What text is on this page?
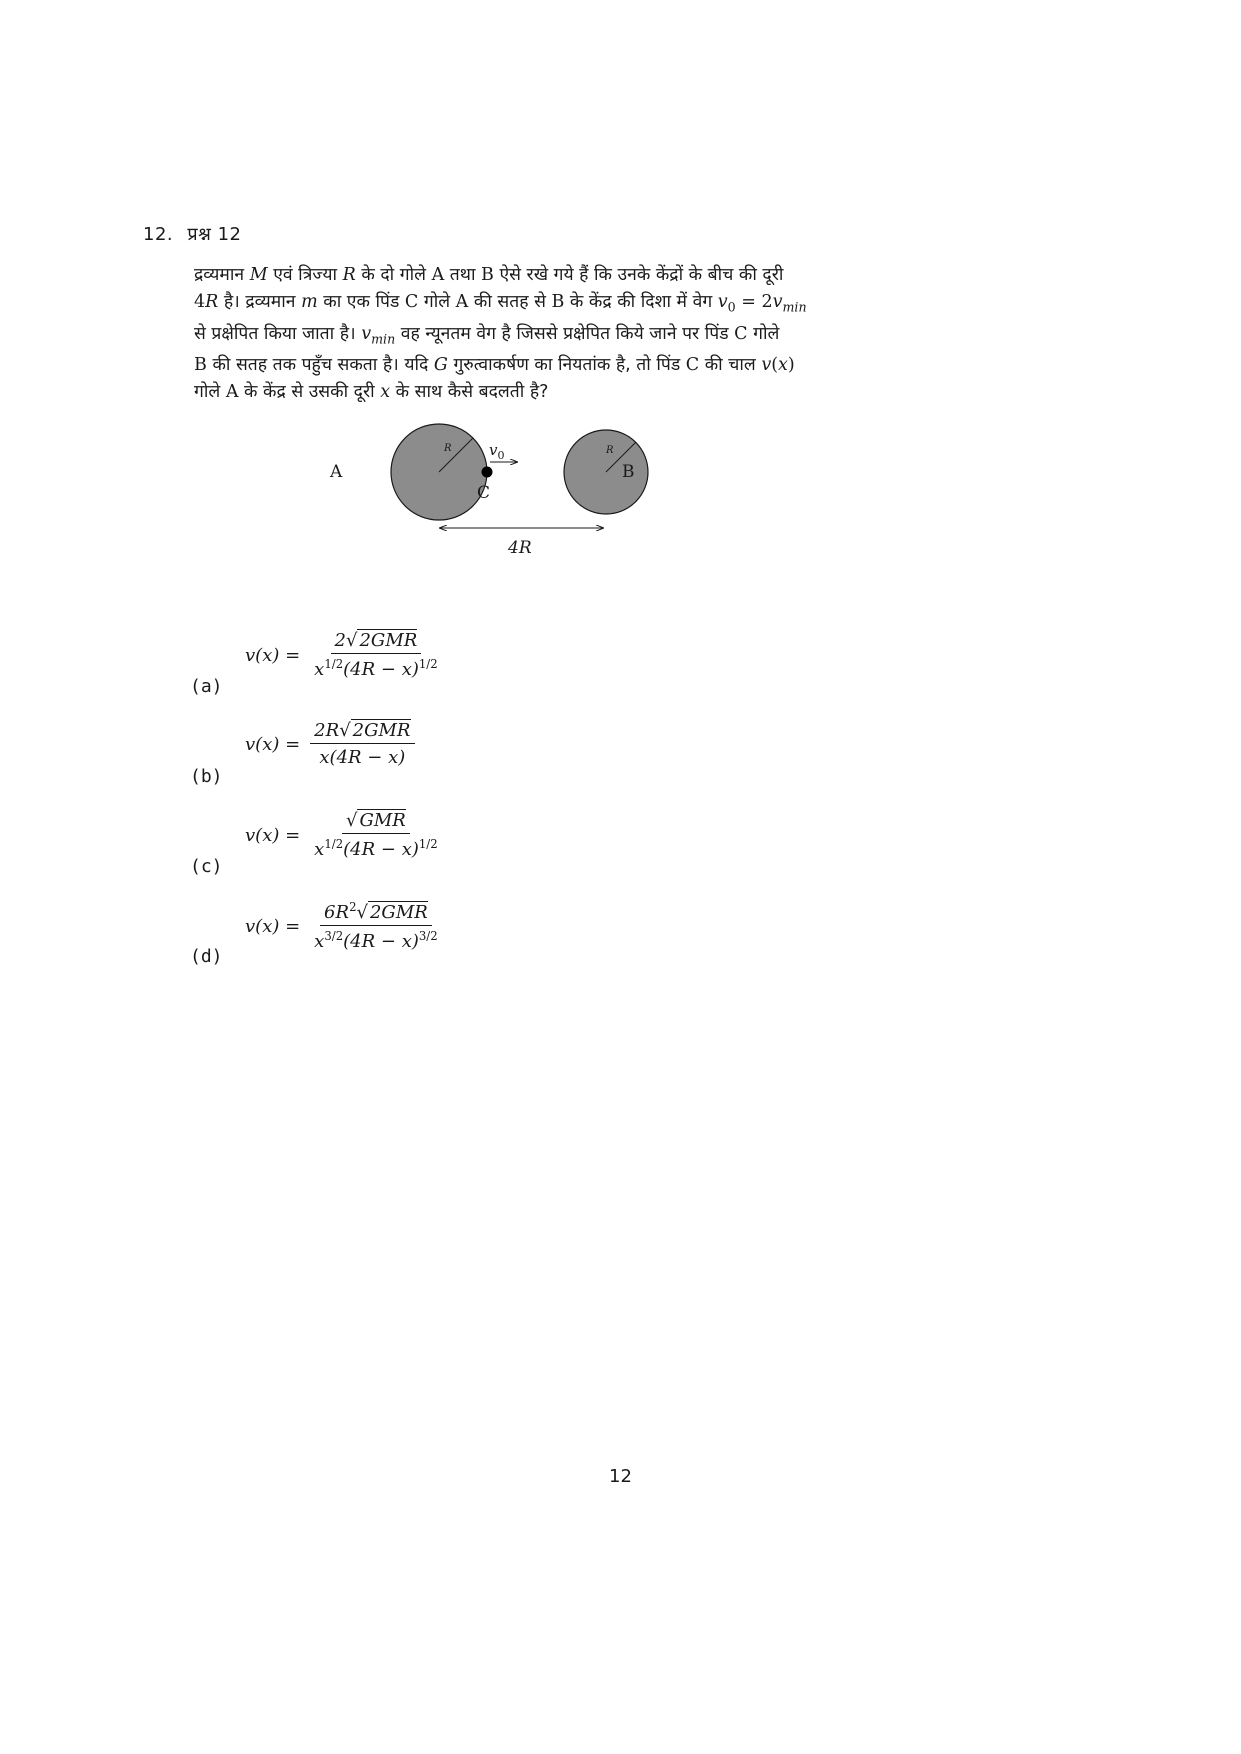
12. प्रश्न 12
द्रव्यमान M एवं त्रिज्या R के दो गोले A तथा B ऐसे रखे गये हैं कि उनके केंद्रों के बीच की दूरी
4R है। द्रव्यमान m का एक पिंड C गोले A की सतह से B के केंद्र की दिशा में वेग $v_0 = 2v_{min}$
से प्रक्षेपित किया जाता है। $v_{min}$ वह न्यूनतम वेग है जिससे प्रक्षेपित किये जाने पर पिंड C गोले
B की सतह तक पहुँच सकता है। यदि G गुरुत्वाकर्षण का नियतांक है, तो पिंड C की चाल v(x)
गोले A के केंद्र से उसकी दूरी x के साथ कैसे बदलती है?
R	R
$v_0$
A	B
C
4R
(a)
$v(x) = \frac{\text{2√ 2GMR}}{x^{1/2}(4R - x)^{1/2}}$
(b)
$v(x) = \frac{\text{2R√ 2GMR}}{x(4R - x)}$
(c)
$v(x) = \frac{\text{√ GMR}}{x^{1/2}(4R - x)^{1/2}}$
(d)
$v(x) = \frac{6R^2√ 2GMR}{x^{3/2}(4R - x)^{3/2}}$
12
